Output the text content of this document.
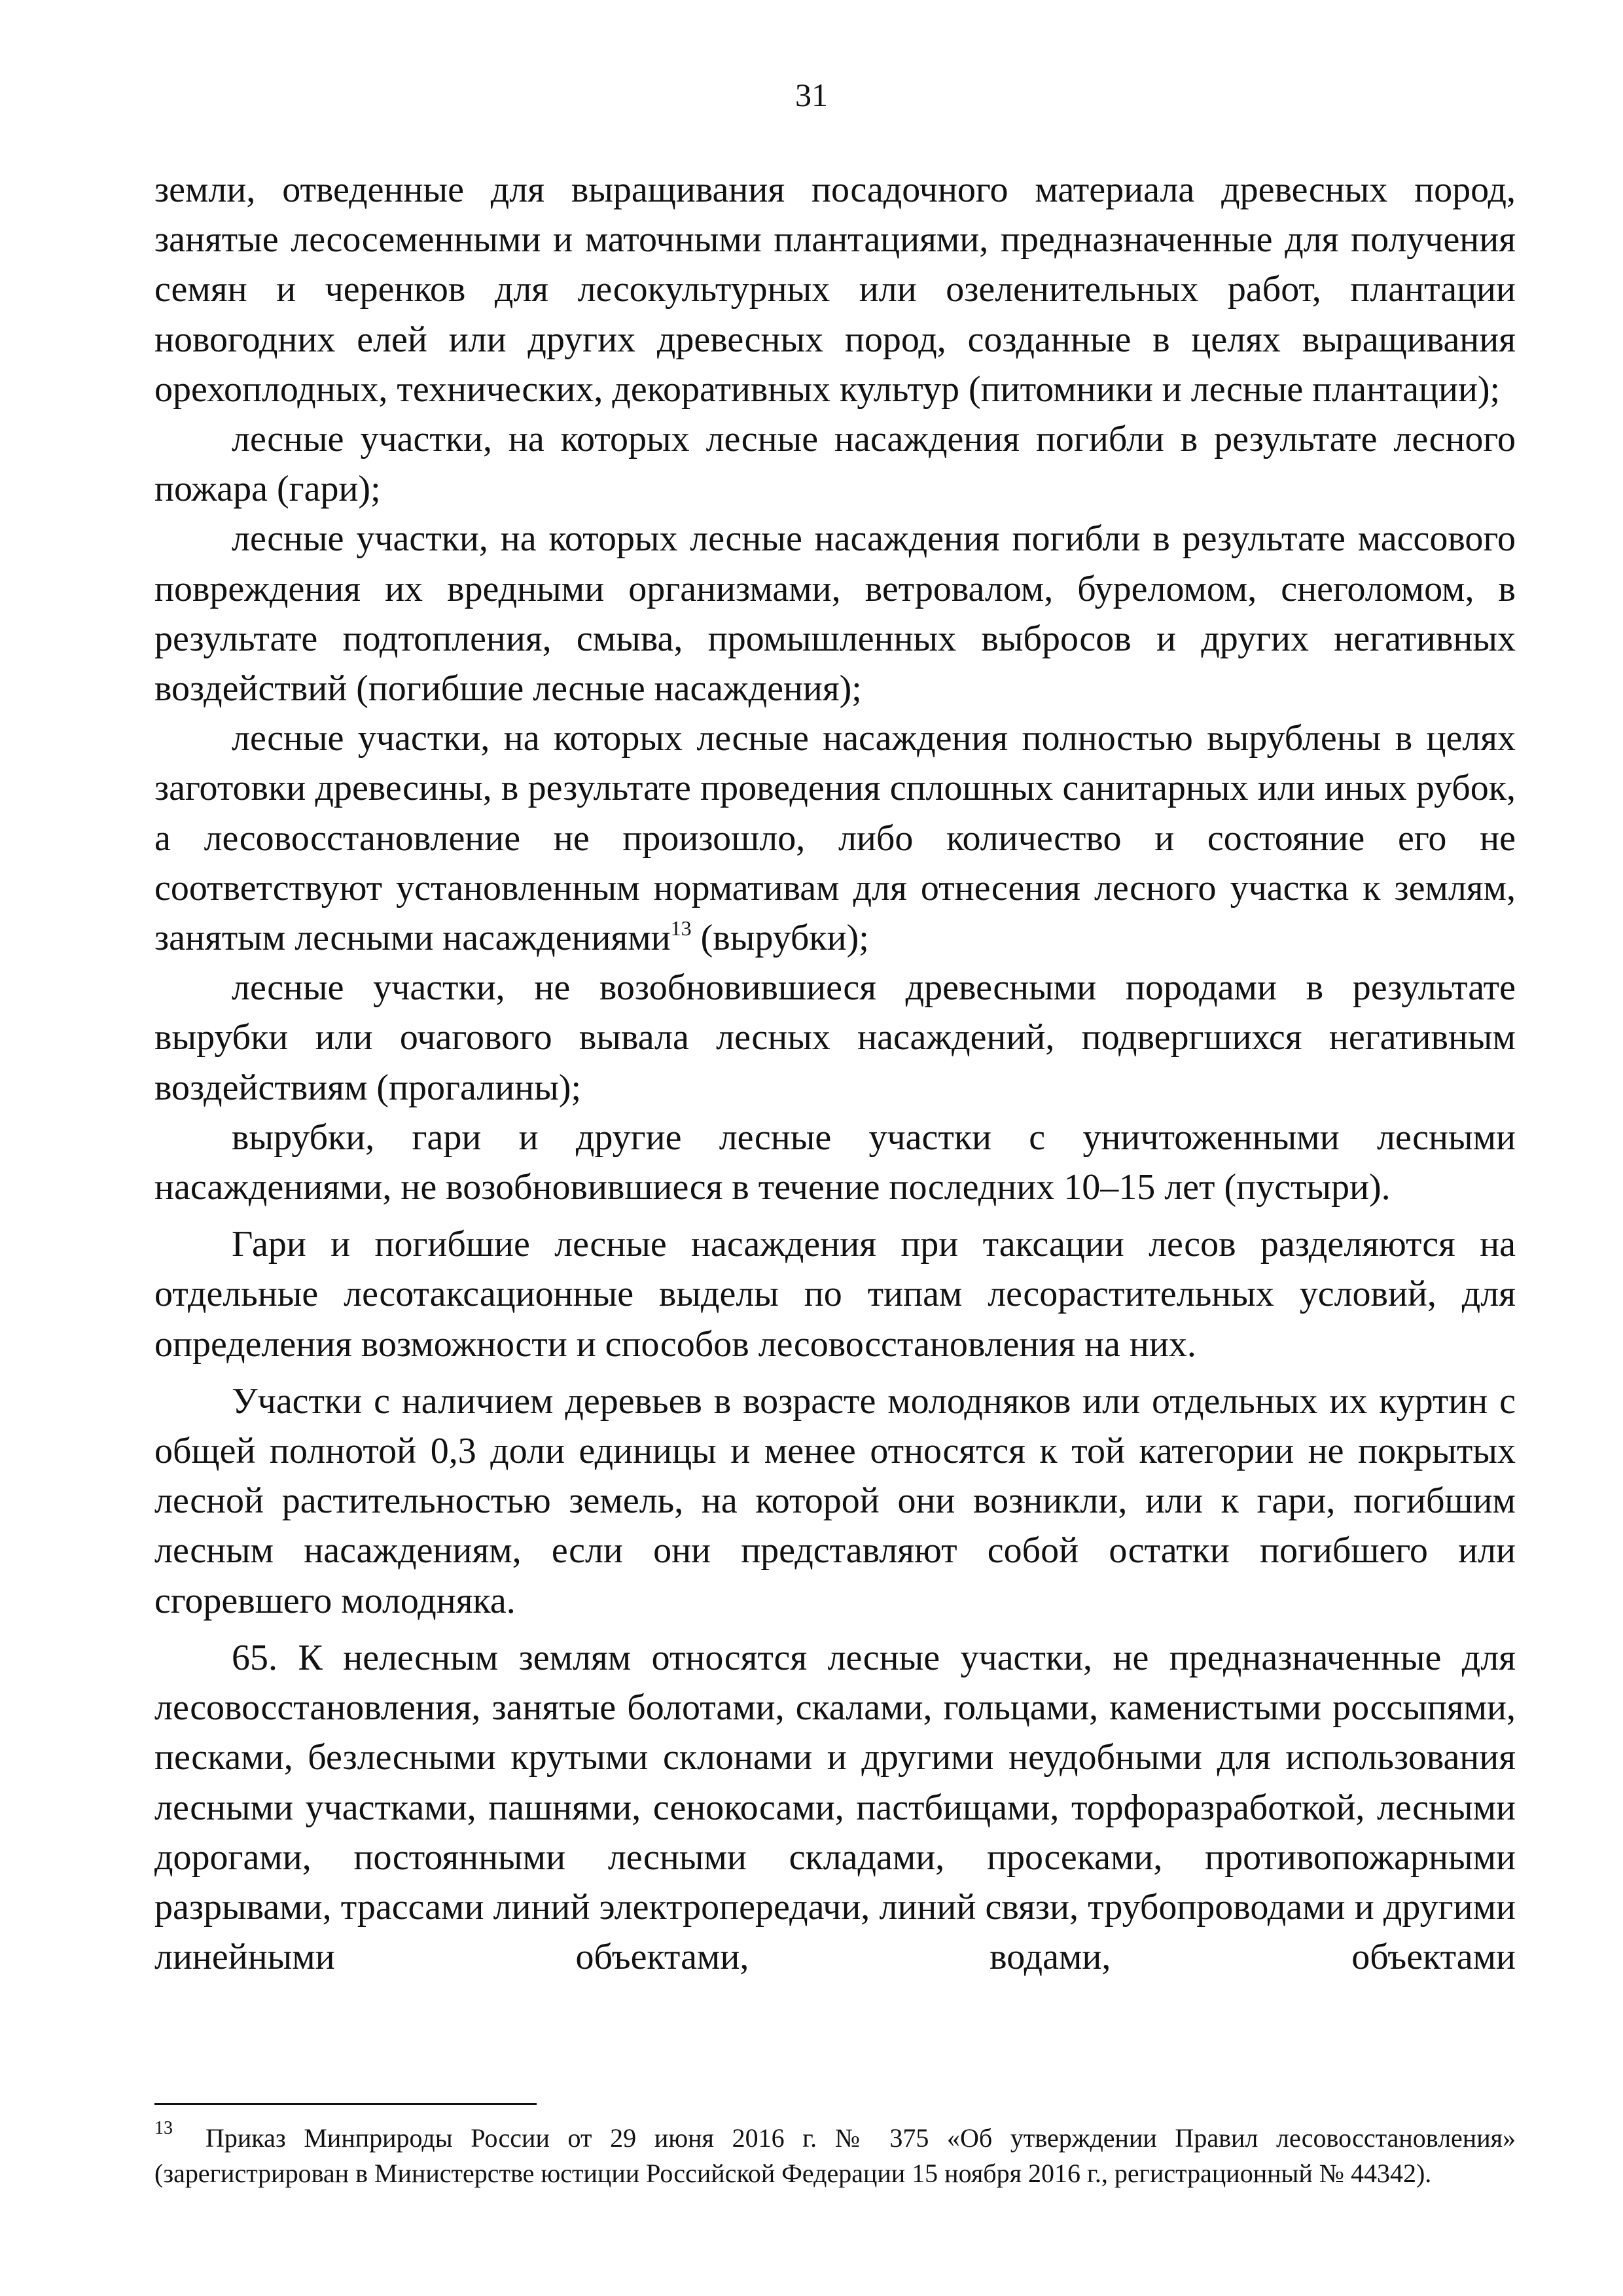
31

земли, отведенные для выращивания посадочного материала древесных пород, занятые лесосеменными и маточными плантациями, предназначенные для получения семян и черенков для лесокультурных или озеленительных работ, плантации новогодних елей или других древесных пород, созданные в целях выращивания орехоплодных, технических, декоративных культур (питомники и лесные плантации);

лесные участки, на которых лесные насаждения погибли в результате лесного пожара (гари);

лесные участки, на которых лесные насаждения погибли в результате массового повреждения их вредными организмами, ветровалом, буреломом, снеголомом, в результате подтопления, смыва, промышленных выбросов и других негативных воздействий (погибшие лесные насаждения);

лесные участки, на которых лесные насаждения полностью вырублены в целях заготовки древесины, в результате проведения сплошных санитарных или иных рубок, а лесовосстановление не произошло, либо количество и состояние его не соответствуют установленным нормативам для отнесения лесного участка к землям, занятым лесными насаждениями$^{13}$ (вырубки);

лесные участки, не возобновившиеся древесными породами в результате вырубки или очагового вывала лесных насаждений, подвергшихся негативным воздействиям (прогалины);

вырубки, гари и другие лесные участки с уничтоженными лесными насаждениями, не возобновившиеся в течение последних 10–15 лет (пустыри).

Гари и погибшие лесные насаждения при таксации лесов разделяются на отдельные лесотаксационные выделы по типам лесорастительных условий, для определения возможности и способов лесовосстановления на них.

Участки с наличием деревьев в возрасте молодняков или отдельных их куртин с общей полнотой 0,3 доли единицы и менее относятся к той категории не покрытых лесной растительностью земель, на которой они возникли, или к гари, погибшим лесным насаждениям, если они представляют собой остатки погибшего или сгоревшего молодняка.

65. К нелесным землям относятся лесные участки, не предназначенные для лесовосстановления, занятые болотами, скалами, гольцами, каменистыми россыпями, песками, безлесными крутыми склонами и другими неудобными для использования лесными участками, пашнями, сенокосами, пастбищами, торфоразработкой, лесными дорогами, постоянными лесными складами, просеками, противопожарными разрывами, трассами линий электропередачи, линий связи, трубопроводами и другими линейными объектами, водами, объектами

$^{13}$ Приказ Минприроды России от 29 июня 2016 г. № 375 «Об утверждении Правил лесовосстановления» (зарегистрирован в Министерстве юстиции Российской Федерации 15 ноября 2016 г., регистрационный № 44342).
